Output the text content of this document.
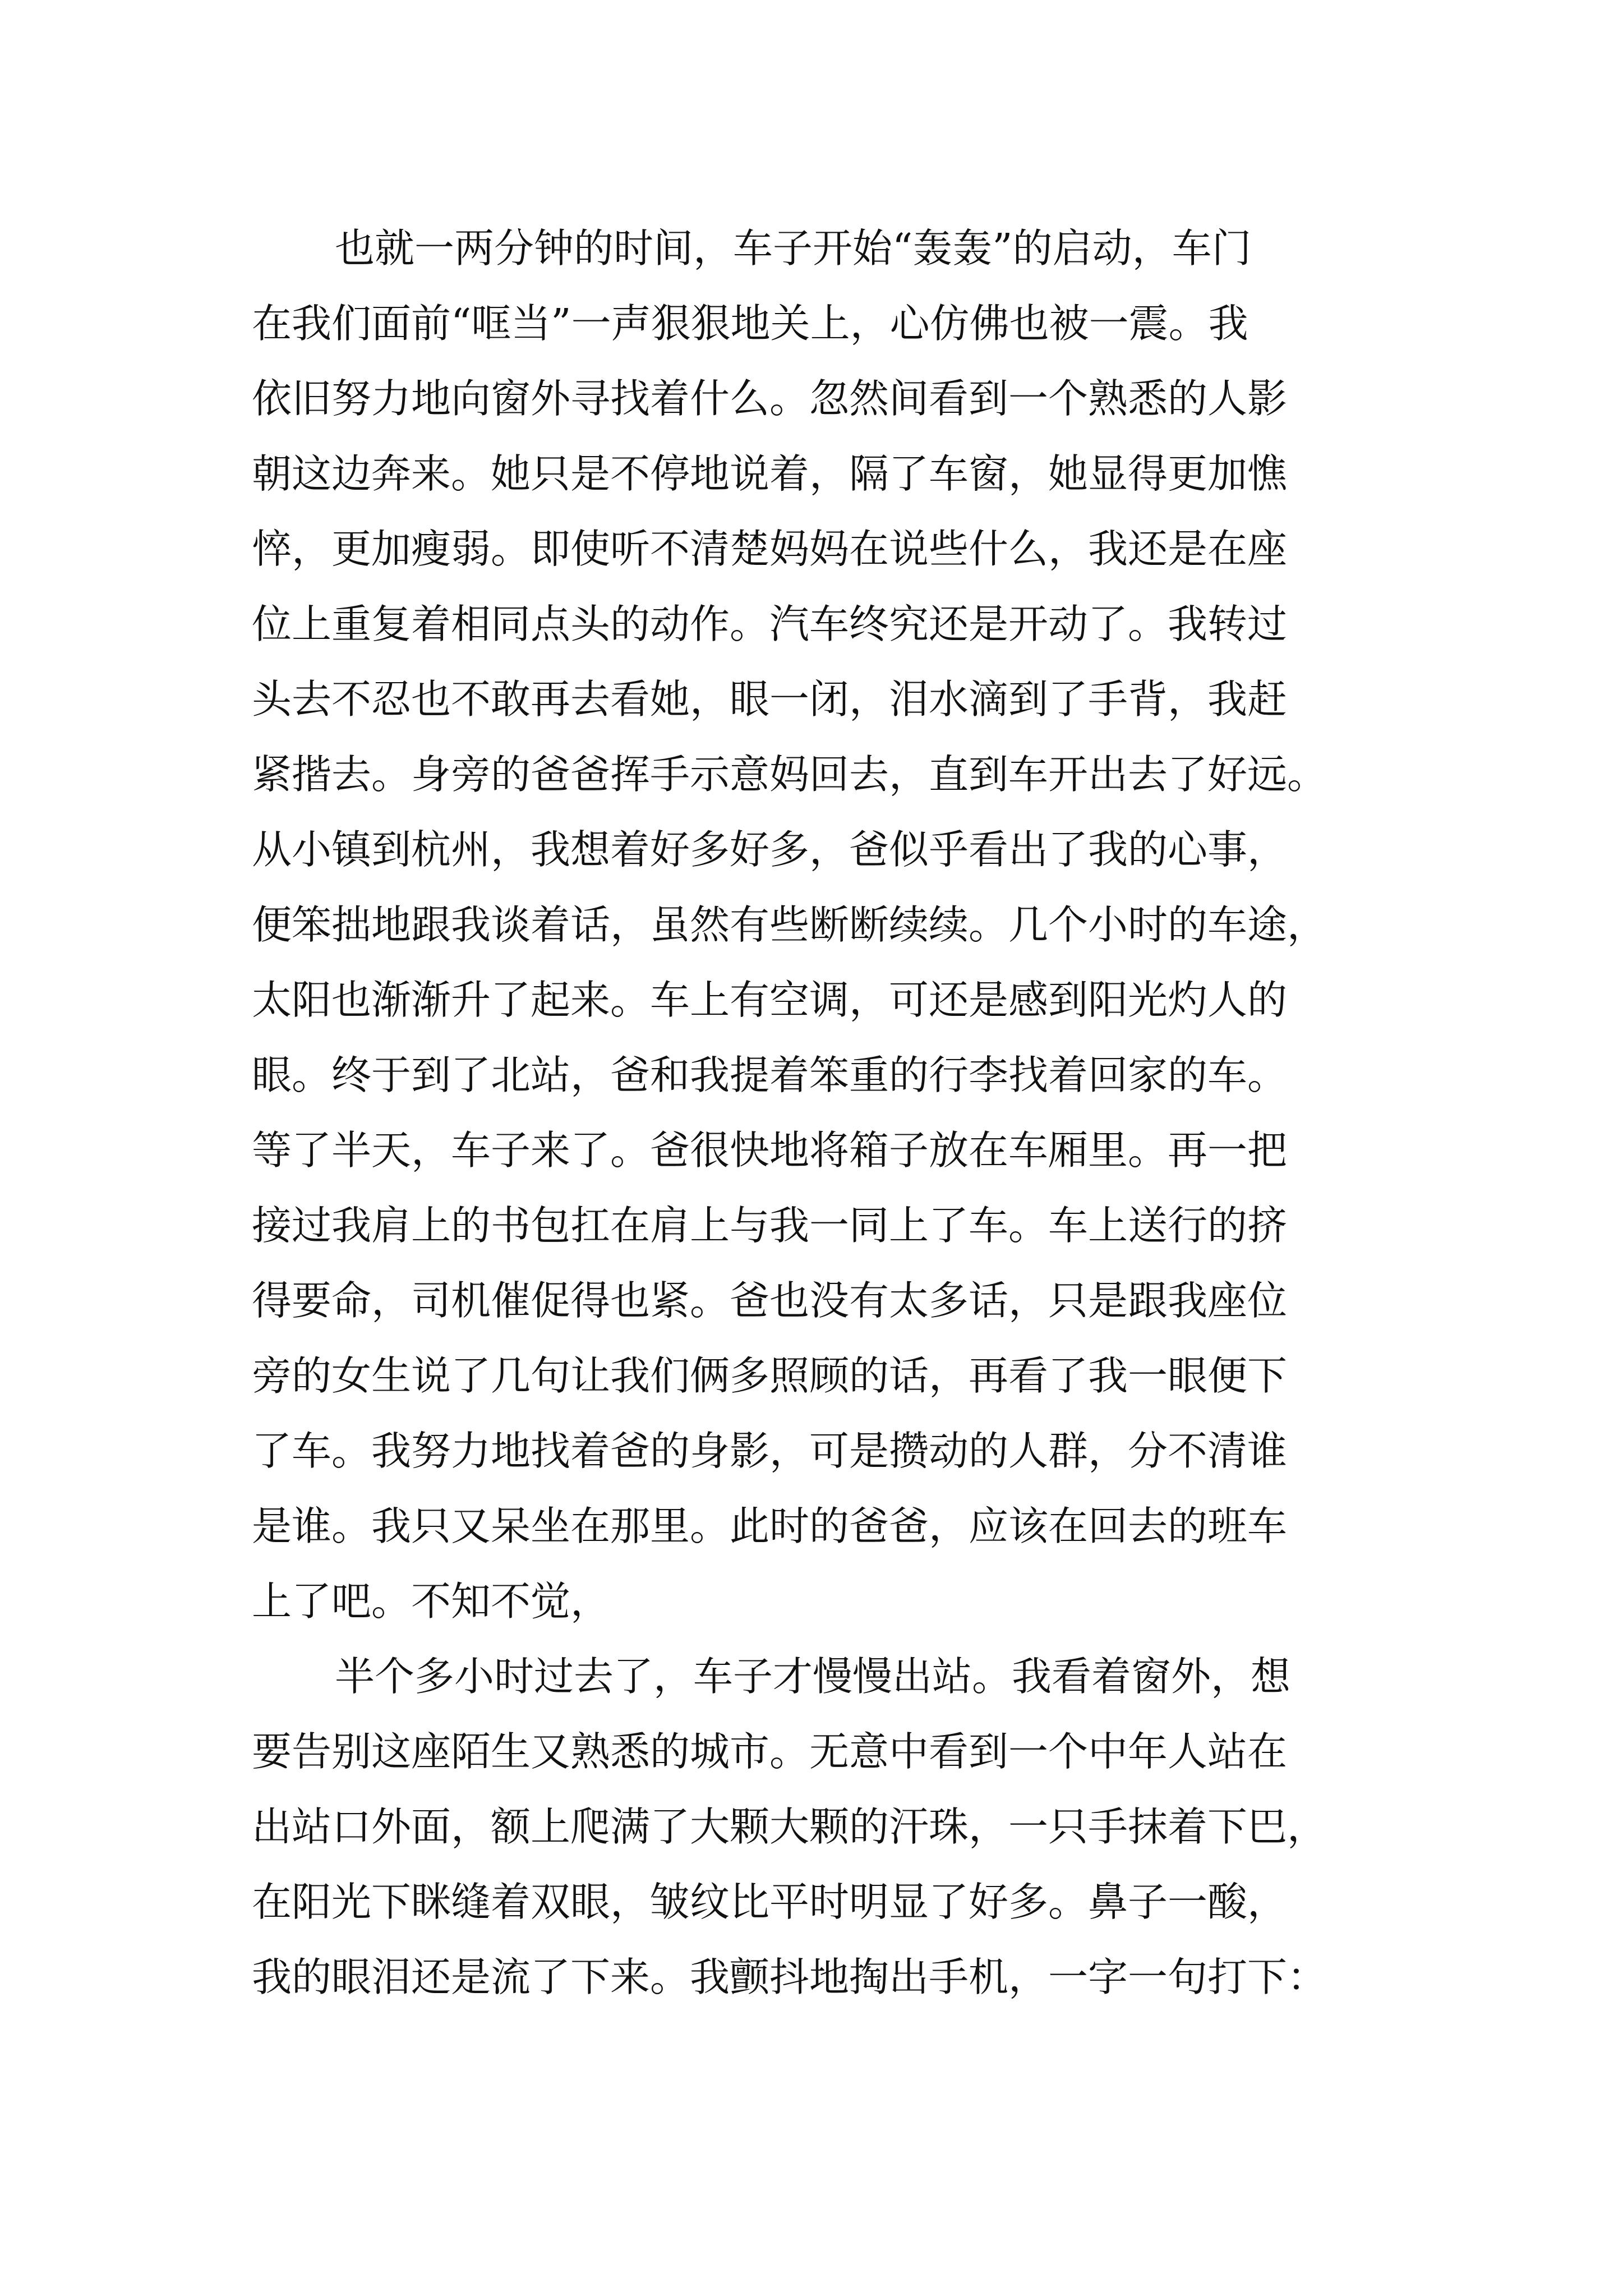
也就一两分钟的时间，车子开始“轰轰”的启动，车门
在我们面前“哐当”一声狠狠地关上，心仿佛也被一震。我
依旧努力地向窗外寻找着什么。忽然间看到一个熟悉的人影
朝这边奔来。她只是不停地说着，隔了车窗，她显得更加憔
悴，更加瘦弱。即使听不清楚妈妈在说些什么，我还是在座
位上重复着相同点头的动作。汽车终究还是开动了。我转过
头去不忍也不敢再去看她，眼一闭，泪水滴到了手背，我赶
紧揩去。身旁的爸爸挥手示意妈回去，直到车开出去了好远。
从小镇到杭州，我想着好多好多，爸似乎看出了我的心事，
便笨拙地跟我谈着话，虽然有些断断续续。几个小时的车途，
太阳也渐渐升了起来。车上有空调，可还是感到阳光灼人的
眼。终于到了北站，爸和我提着笨重的行李找着回家的车。
等了半天，车子来了。爸很快地将箱子放在车厢里。再一把
接过我肩上的书包扛在肩上与我一同上了车。车上送行的挤
得要命，司机催促得也紧。爸也没有太多话，只是跟我座位
旁的女生说了几句让我们俩多照顾的话，再看了我一眼便下
了车。我努力地找着爸的身影，可是攒动的人群，分不清谁
是谁。我只又呆坐在那里。此时的爸爸，应该在回去的班车
上了吧。不知不觉，
半个多小时过去了，车子才慢慢出站。我看着窗外，想
要告别这座陌生又熟悉的城市。无意中看到一个中年人站在
出站口外面，额上爬满了大颗大颗的汗珠，一只手抹着下巴，
在阳光下眯缝着双眼，皱纹比平时明显了好多。鼻子一酸，
我的眼泪还是流了下来。我颤抖地掏出手机，一字一句打下：
